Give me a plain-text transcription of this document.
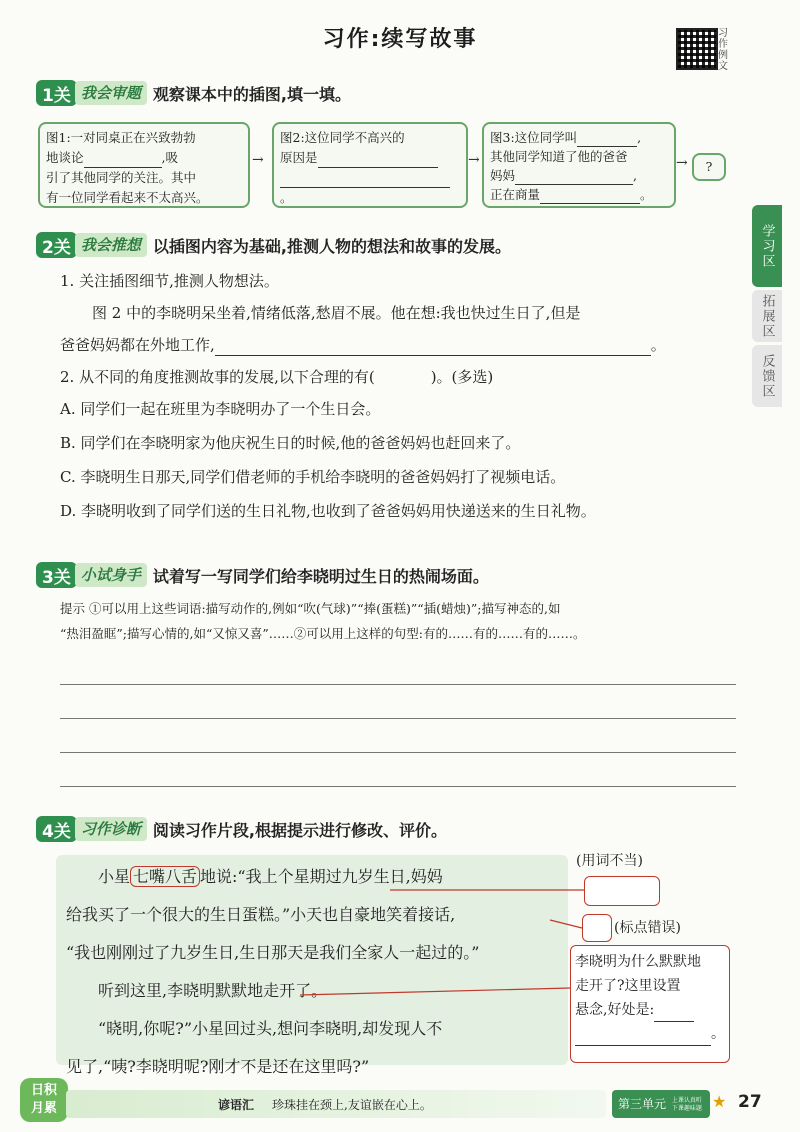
习作:续写故事	习作例文
学习区
拓展区
反馈区
1关 我会审题 观察课本中的插图,填一填。
图1:一对同桌正在兴致勃勃
地谈论	,吸
引了其他同学的关注。其中
有一位同学看起来不太高兴。
→
图2:这位同学不高兴的
原因是
。
→
图3:这位同学叫	,
其他同学知道了他的爸爸
妈妈	,
正在商量	。
→	?
2关 我会推想 以插图内容为基础,推测人物的想法和故事的发展。
1. 关注插图细节,推测人物想法。
图 2 中的李晓明呆坐着,情绪低落,愁眉不展。他在想:我也快过生日了,但是
爸爸妈妈都在外地工作,	。
2. 从不同的角度推测故事的发展,以下合理的有(	)。(多选)
A. 同学们一起在班里为李晓明办了一个生日会。
B. 同学们在李晓明家为他庆祝生日的时候,他的爸爸妈妈也赶回来了。
C. 李晓明生日那天,同学们借老师的手机给李晓明的爸爸妈妈打了视频电话。
D. 李晓明收到了同学们送的生日礼物,也收到了爸爸妈妈用快递送来的生日礼物。
3关 小试身手 试着写一写同学们给李晓明过生日的热闹场面。
提示 ①可以用上这些词语:描写动作的,例如“吹(气球)”“捧(蛋糕)”“插(蜡烛)”;描写神态的,如
“热泪盈眶”;描写心情的,如“又惊又喜”……②可以用上这样的句型:有的……有的……有的……。
4关 习作诊断 阅读习作片段,根据提示进行修改、评价。
小星 七嘴八舌 地说:“我上个星期过九岁生日,妈妈
给我买了一个很大的生日蛋糕。”小天也自豪地笑着接话,
“我也刚刚过了九岁生日,生日那天是我们全家人一起过的。”
听到这里,李晓明默默地走开了。
“晓明,你呢?”小星回过头,想问李晓明,却发现人不
见了,“咦?李晓明呢?刚才不是还在这里吗?”
(用词不当)
(标点错误)
李晓明为什么默默地
走开了?这里设置
悬念,好处是:
。
日积
月累	谚语汇 珍珠挂在颈上,友谊嵌在心上。	第三单元 上课认真听
下课趣味题 ★ 27
